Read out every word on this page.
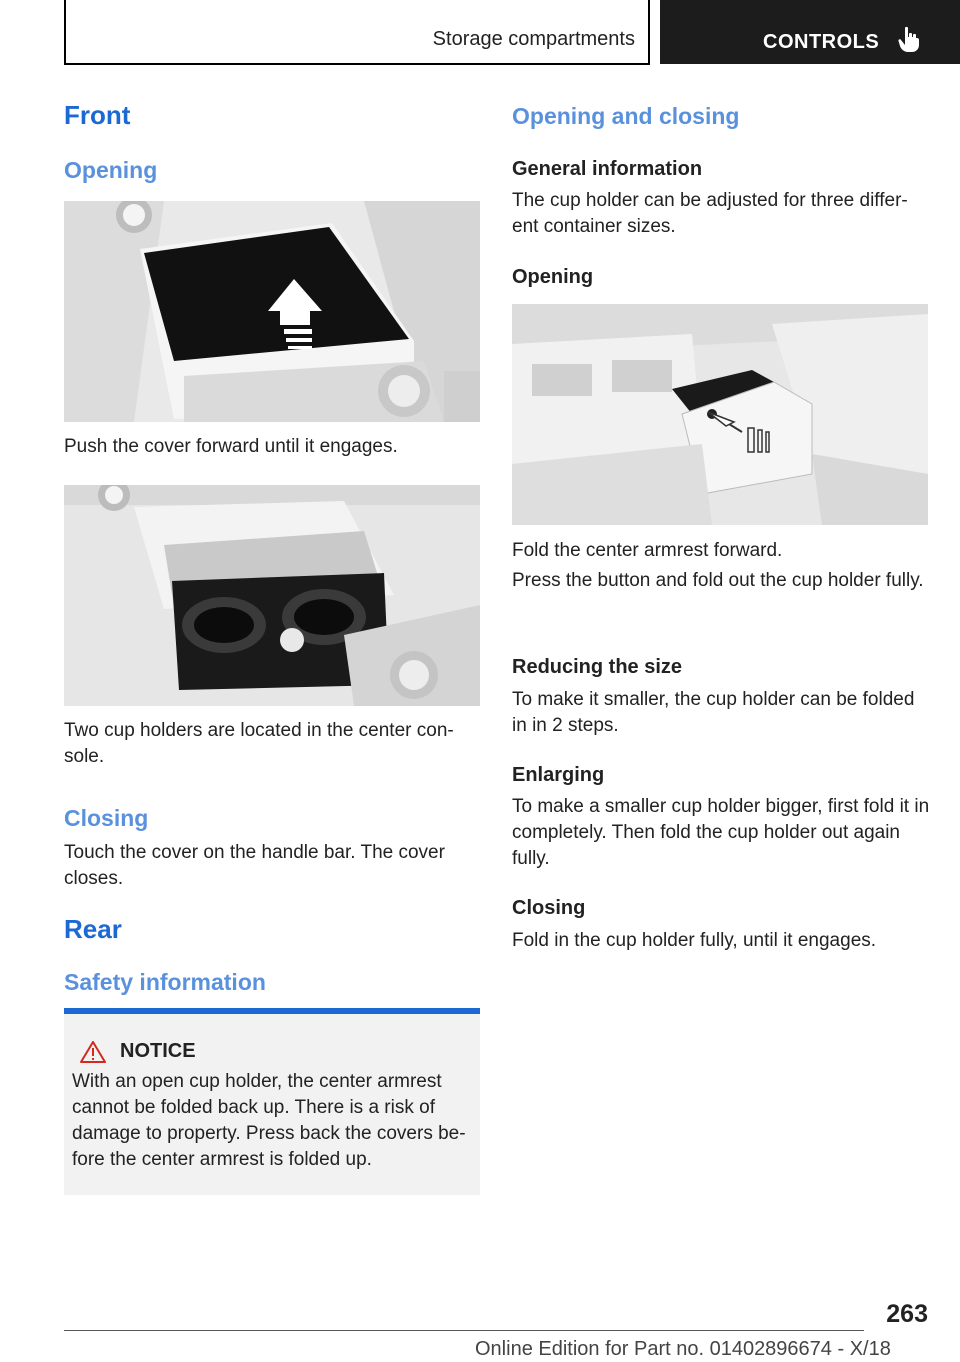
Storage compartments	CONTROLS
Front
Opening

Push the cover forward until it engages.

Two cup holders are located in the center con‐sole.

Closing

Touch the cover on the handle bar. The cover closes.

Rear
Safety information
NOTICE

With an open cup holder, the center armrest cannot be folded back up. There is a risk of damage to property. Press back the covers be‐fore the center armrest is folded up.

Opening and closing
General information

The cup holder can be adjusted for three differ‐ent container sizes.

Opening

Fold the center armrest forward.

Press the button and fold out the cup holder fully.

Reducing the size

To make it smaller, the cup holder can be folded in in 2 steps.

Enlarging

To make a smaller cup holder bigger, first fold it in completely. Then fold the cup holder out again fully.

Closing

Fold in the cup holder fully, until it engages.

263
Online Edition for Part no. 01402896674 - X/18
